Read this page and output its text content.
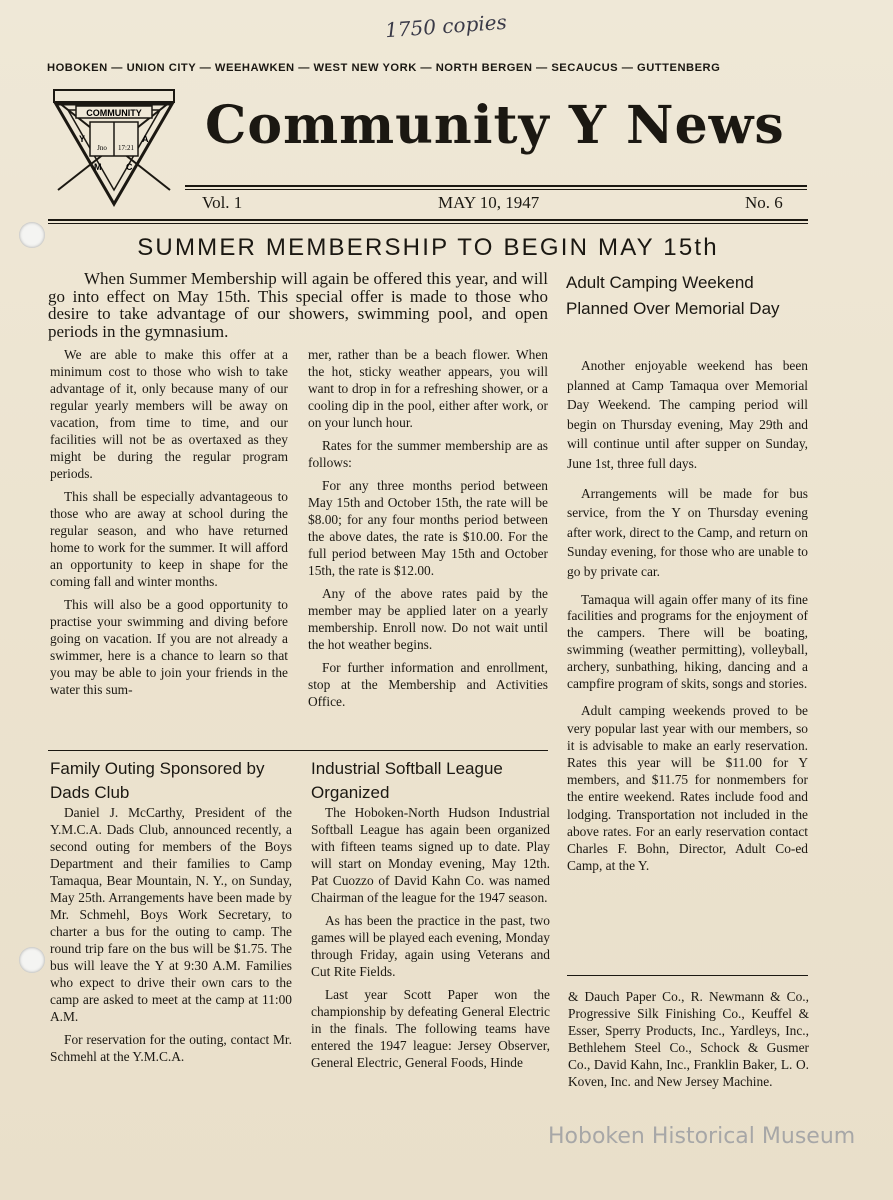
1750 copies
HOBOKEN — UNION CITY — WEEHAWKEN — WEST NEW YORK — NORTH BERGEN — SECAUCUS — GUTTENBERG
COMMUNITY
Jno 17:21
Y
M	C
A Community Y News
Vol. 1	MAY 10, 1947	No. 6
SUMMER MEMBERSHIP TO BEGIN MAY 15th
When Summer Membership will again be offered this year, and will go into effect on May 15th. This special offer is made to those who desire to take advantage of our showers, swimming pool, and open periods in the gymnasium.

We are able to make this offer at a minimum cost to those who wish to take advantage of it, only because many of our regular yearly members will be away on vacation, from time to time, and our facilities will not be as overtaxed as they might be during the regular program periods.

This shall be especially advantageous to those who are away at school during the regular season, and who have returned home to work for the summer. It will afford an opportunity to keep in shape for the coming fall and winter months.

This will also be a good opportunity to practise your swimming and diving before going on vacation. If you are not already a swimmer, here is a chance to learn so that you may be able to join your friends in the water this sum-

mer, rather than be a beach flower. When the hot, sticky weather appears, you will want to drop in for a refreshing shower, or a cooling dip in the pool, either after work, or on your lunch hour.

Rates for the summer membership are as follows:

For any three months period between May 15th and October 15th, the rate will be $8.00; for any four months period between the above dates, the rate is $10.00. For the full period between May 15th and October 15th, the rate is $12.00.

Any of the above rates paid by the member may be applied later on a yearly membership. Enroll now. Do not wait until the hot weather begins.

For further information and enrollment, stop at the Membership and Activities Office.

Adult Camping Weekend Planned Over Memorial Day

Another enjoyable weekend has been planned at Camp Tamaqua over Memorial Day Weekend. The camping period will begin on Thursday evening, May 29th and will continue until after supper on Sunday, June 1st, three full days.

Arrangements will be made for bus service, from the Y on Thursday evening after work, direct to the Camp, and return on Sunday evening, for those who are unable to go by private car.

Tamaqua will again offer many of its fine facilities and programs for the enjoyment of the campers. There will be boating, swimming (weather permitting), volleyball, archery, sunbathing, hiking, dancing and a campfire program of skits, songs and stories.

Adult camping weekends proved to be very popular last year with our members, so it is advisable to make an early reservation. Rates this year will be $11.00 for Y members, and $11.75 for nonmembers for the entire weekend. Rates include food and lodging. Transportation not included in the above rates. For an early reservation contact Charles F. Bohn, Director, Adult Co-ed Camp, at the Y.

Family Outing Sponsored by Dads Club

Daniel J. McCarthy, President of the Y.M.C.A. Dads Club, announced recently, a second outing for members of the Boys Department and their families to Camp Tamaqua, Bear Mountain, N. Y., on Sunday, May 25th. Arrangements have been made by Mr. Schmehl, Boys Work Secretary, to charter a bus for the outing to camp. The round trip fare on the bus will be $1.75. The bus will leave the Y at 9:30 A.M. Families who expect to drive their own cars to the camp are asked to meet at the camp at 11:00 A.M.

For reservation for the outing, contact Mr. Schmehl at the Y.M.C.A.

Industrial Softball League Organized

The Hoboken-North Hudson Industrial Softball League has again been organized with fifteen teams signed up to date. Play will start on Monday evening, May 12th. Pat Cuozzo of David Kahn Co. was named Chairman of the league for the 1947 season.

As has been the practice in the past, two games will be played each evening, Monday through Friday, again using Veterans and Cut Rite Fields.

Last year Scott Paper won the championship by defeating General Electric in the finals. The following teams have entered the 1947 league: Jersey Observer, General Electric, General Foods, Hinde

& Dauch Paper Co., R. Newmann & Co., Progressive Silk Finishing Co., Keuffel & Esser, Sperry Products, Inc., Yardleys, Inc., Bethlehem Steel Co., Schock & Gusmer Co., David Kahn, Inc., Franklin Baker, L. O. Koven, Inc. and New Jersey Machine.

Hoboken Historical Museum
